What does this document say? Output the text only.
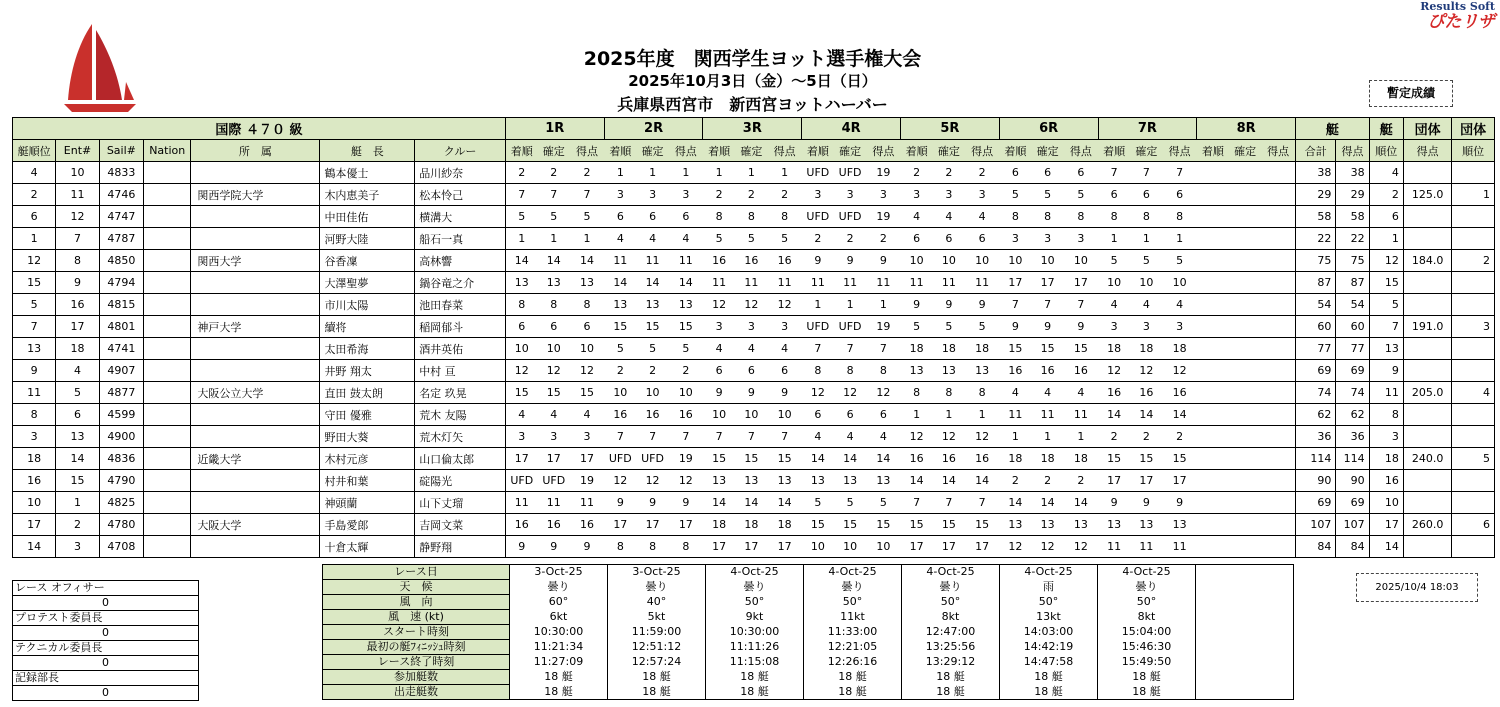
Results Soft
ぴたリザ
2025年度　関西学生ヨット選手権大会
2025年10月3日（金）～5日（日）
兵庫県西宮市　新西宮ヨットハーバー
暫定成績
国際 ４７０ 級							1R			2R			3R			4R			5R			6R			7R			8R			艇		艇	団体	団体
艇順位	Ent#	Sail#	Nation	所　属	艇　長	クルー	着順	確定	得点	着順	確定	得点	着順	確定	得点	着順	確定	得点	着順	確定	得点	着順	確定	得点	着順	確定	得点	着順	確定	得点	合計	得点	順位	得点	順位
4	10	4833			鶴本優士	品川紗奈	2	2	2	1	1	1	1	1	1	UFD	UFD	19	2	2	2	6	6	6	7	7	7				38	38	4		
2	11	4746		関西学院大学	木内恵美子	松本怜己	7	7	7	3	3	3	2	2	2	3	3	3	3	3	3	5	5	5	6	6	6				29	29	2	125.0	1
6	12	4747			中田佳佑	横溝大	5	5	5	6	6	6	8	8	8	UFD	UFD	19	4	4	4	8	8	8	8	8	8				58	58	6		
1	7	4787			河野大陸	船石一真	1	1	1	4	4	4	5	5	5	2	2	2	6	6	6	3	3	3	1	1	1				22	22	1		
12	8	4850		関西大学	谷香凜	高林響	14	14	14	11	11	11	16	16	16	9	9	9	10	10	10	10	10	10	5	5	5				75	75	12	184.0	2
15	9	4794			大澤聖夢	鍋谷竜之介	13	13	13	14	14	14	11	11	11	11	11	11	11	11	11	17	17	17	10	10	10				87	87	15		
5	16	4815			市川太陽	池田春菜	8	8	8	13	13	13	12	12	12	1	1	1	9	9	9	7	7	7	4	4	4				54	54	5		
7	17	4801		神戸大学	續将	稲岡郁斗	6	6	6	15	15	15	3	3	3	UFD	UFD	19	5	5	5	9	9	9	3	3	3				60	60	7	191.0	3
13	18	4741			太田希海	酒井英佑	10	10	10	5	5	5	4	4	4	7	7	7	18	18	18	15	15	15	18	18	18				77	77	13		
9	4	4907			井野 翔太	中村 亘	12	12	12	2	2	2	6	6	6	8	8	8	13	13	13	16	16	16	12	12	12				69	69	9		
11	5	4877		大阪公立大学	直田 鼓太朗	名定 玖晃	15	15	15	10	10	10	9	9	9	12	12	12	8	8	8	4	4	4	16	16	16				74	74	11	205.0	4
8	6	4599			守田 優雅	荒木 友陽	4	4	4	16	16	16	10	10	10	6	6	6	1	1	1	11	11	11	14	14	14				62	62	8		
3	13	4900			野田大葵	荒木灯矢	3	3	3	7	7	7	7	7	7	4	4	4	12	12	12	1	1	1	2	2	2				36	36	3		
18	14	4836		近畿大学	木村元彦	山口倫太郎	17	17	17	UFD	UFD	19	15	15	15	14	14	14	16	16	16	18	18	18	15	15	15				114	114	18	240.0	5
16	15	4790			村井和葉	碇陽光	UFD	UFD	19	12	12	12	13	13	13	13	13	13	14	14	14	2	2	2	17	17	17				90	90	16		
10	1	4825			神頭蘭	山下丈瑠	11	11	11	9	9	9	14	14	14	5	5	5	7	7	7	14	14	14	9	9	9				69	69	10		
17	2	4780		大阪大学	手島愛郎	吉岡文菜	16	16	16	17	17	17	18	18	18	15	15	15	15	15	15	13	13	13	13	13	13				107	107	17	260.0	6
14	3	4708			十倉太輝	静野翔	9	9	9	8	8	8	17	17	17	10	10	10	17	17	17	12	12	12	11	11	11				84	84	14		
レース オフィサー
0
プロテスト委員長
0
テクニカル委員長
0
記録部長
0
レース日	3-Oct-25	3-Oct-25	4-Oct-25	4-Oct-25	4-Oct-25	4-Oct-25	4-Oct-25	
天　候	曇り	曇り	曇り	曇り	曇り	雨	曇り	
風　向	60°	40°	50°	50°	50°	50°	50°	
風　速 (kt)	6kt	5kt	9kt	11kt	8kt	13kt	8kt	
スタート時刻	10:30:00	11:59:00	10:30:00	11:33:00	12:47:00	14:03:00	15:04:00	
最初の艇ﾌｨﾆｯｼｭ時刻	11:21:34	12:51:12	11:11:26	12:21:05	13:25:56	14:42:19	15:46:30	
レース終了時刻	11:27:09	12:57:24	11:15:08	12:26:16	13:29:12	14:47:58	15:49:50	
参加艇数	18 艇	18 艇	18 艇	18 艇	18 艇	18 艇	18 艇	
出走艇数	18 艇	18 艇	18 艇	18 艇	18 艇	18 艇	18 艇	
2025/10/4 18:03
